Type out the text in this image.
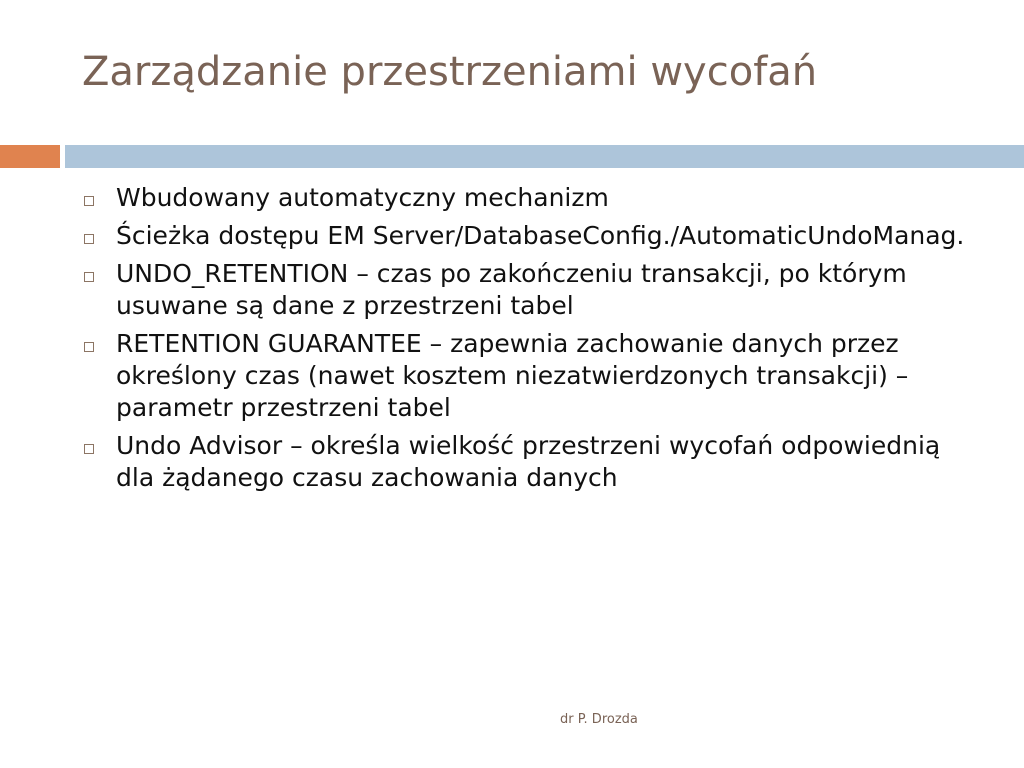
Zarządzanie przestrzeniami wycofań
Wbudowany automatyczny mechanizm
Ścieżka dostępu EM Server/DatabaseConfig./AutomaticUndoManag.
UNDO_RETENTION – czas po zakończeniu transakcji, po którym usuwane są dane z przestrzeni tabel
RETENTION GUARANTEE – zapewnia zachowanie danych przez określony czas (nawet kosztem niezatwierdzonych transakcji) – parametr przestrzeni tabel
Undo Advisor – określa wielkość przestrzeni wycofań odpowiednią dla żądanego czasu zachowania danych
dr P. Drozda
